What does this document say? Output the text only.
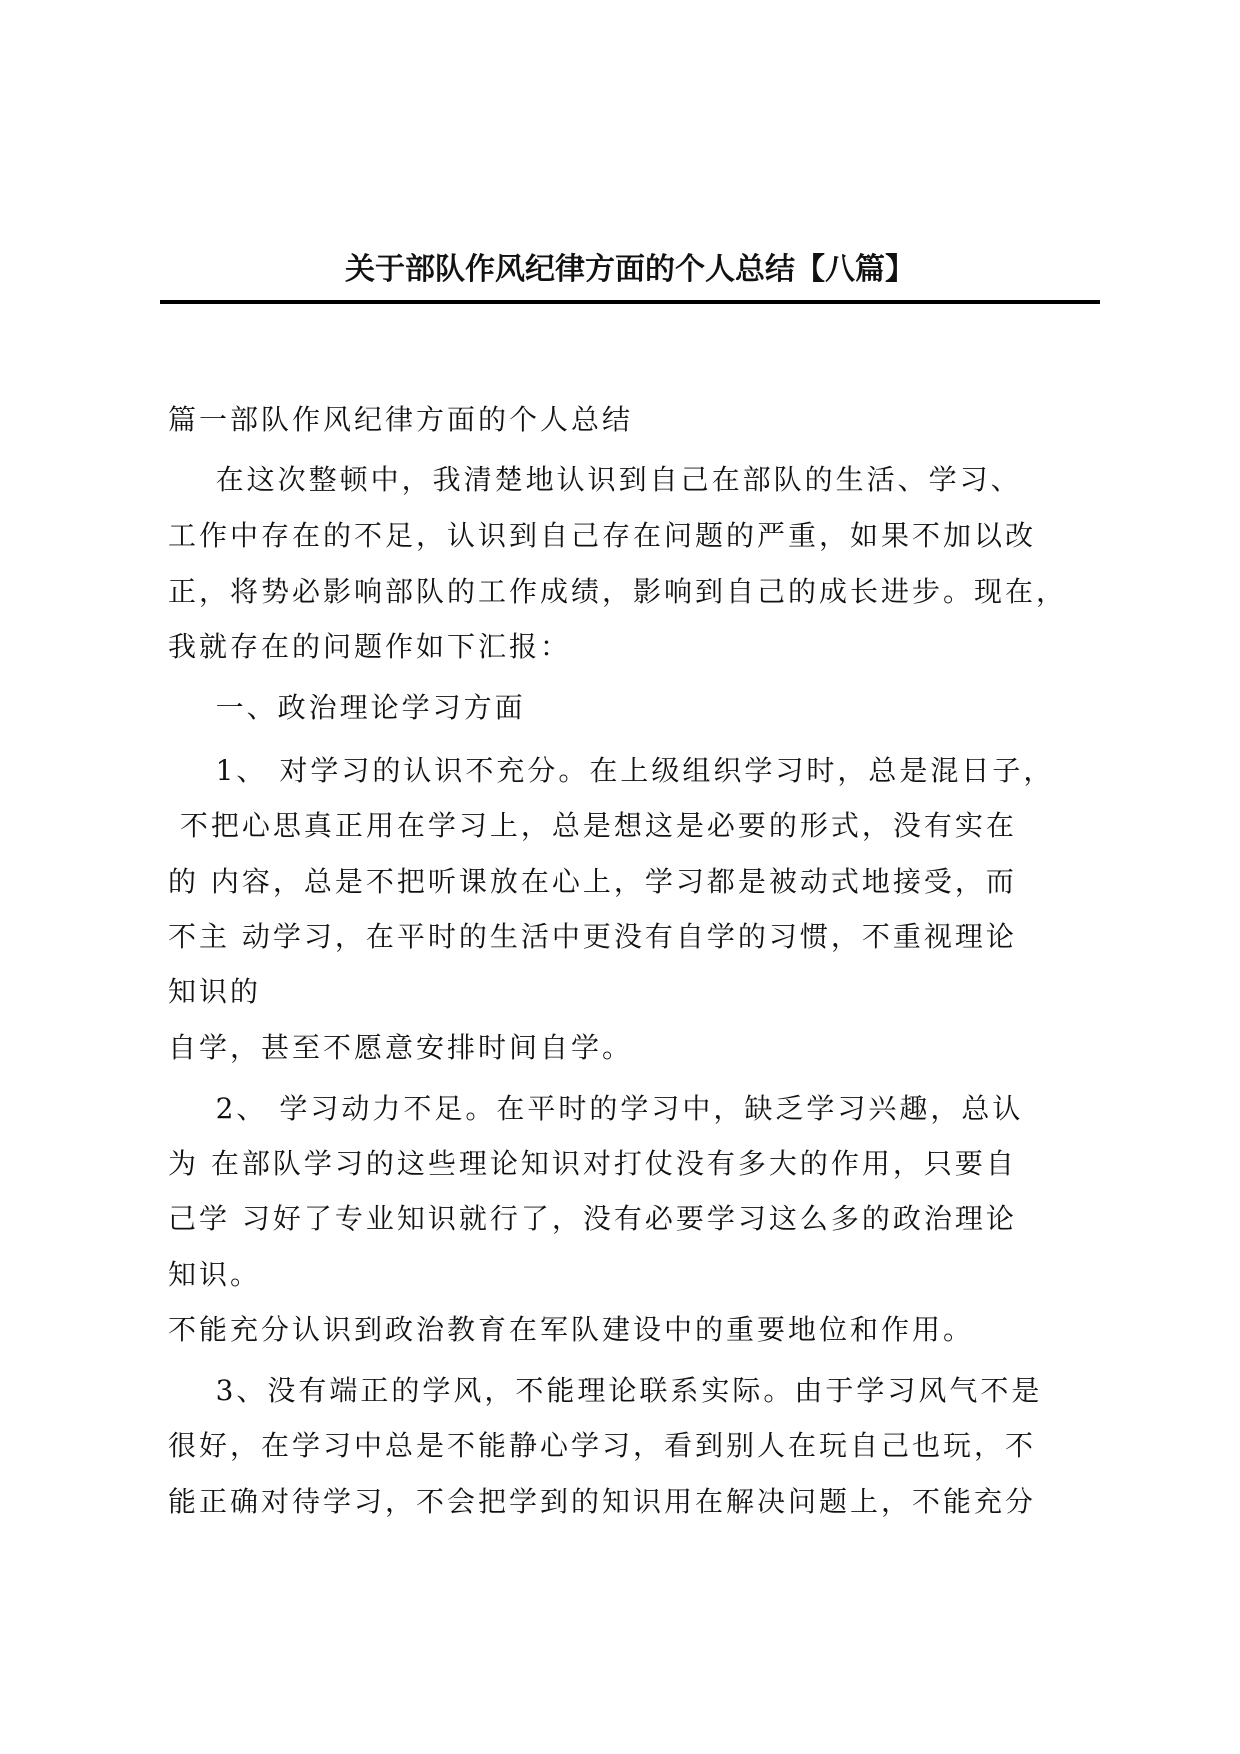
关于部队作风纪律方面的个人总结【八篇】

篇一部队作风纪律方面的个人总结

在这次整顿中，我清楚地认识到自己在部队的生活、学习、

工作中存在的不足，认识到自己存在问题的严重，如果不加以改

正，将势必影响部队的工作成绩，影响到自己的成长进步。现在，

我就存在的问题作如下汇报：

一、政治理论学习方面

1、 对学习的认识不充分。在上级组织学习时，总是混日子，

不把心思真正用在学习上，总是想这是必要的形式，没有实在

的 内容，总是不把听课放在心上，学习都是被动式地接受，而

不主 动学习，在平时的生活中更没有自学的习惯，不重视理论

知识的

自学，甚至不愿意安排时间自学。

2、 学习动力不足。在平时的学习中，缺乏学习兴趣，总认

为 在部队学习的这些理论知识对打仗没有多大的作用，只要自

己学 习好了专业知识就行了，没有必要学习这么多的政治理论

知识。

不能充分认识到政治教育在军队建设中的重要地位和作用。

3、没有端正的学风，不能理论联系实际。由于学习风气不是

很好，在学习中总是不能静心学习，看到别人在玩自己也玩，不

能正确对待学习，不会把学到的知识用在解决问题上，不能充分
